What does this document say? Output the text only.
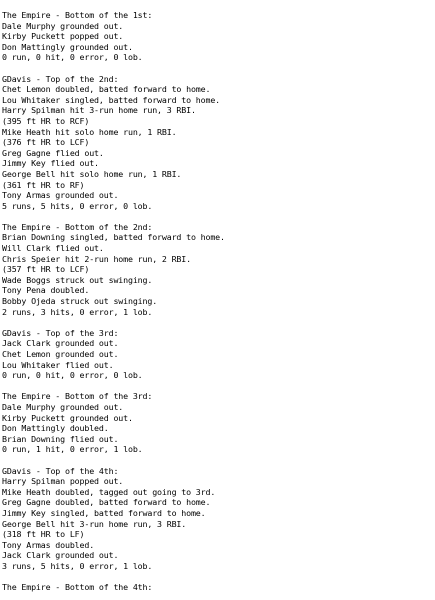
The Empire - Bottom of the 1st:
Dale Murphy grounded out.
Kirby Puckett popped out.
Don Mattingly grounded out.
0 run, 0 hit, 0 error, 0 lob.
GDavis - Top of the 2nd:
Chet Lemon doubled, batted forward to home.
Lou Whitaker singled, batted forward to home.
Harry Spilman hit 3-run home run, 3 RBI.
(395 ft HR to RCF)
Mike Heath hit solo home run, 1 RBI.
(376 ft HR to LCF)
Greg Gagne flied out.
Jimmy Key flied out.
George Bell hit solo home run, 1 RBI.
(361 ft HR to RF)
Tony Armas grounded out.
5 runs, 5 hits, 0 error, 0 lob.
The Empire - Bottom of the 2nd:
Brian Downing singled, batted forward to home.
Will Clark flied out.
Chris Speier hit 2-run home run, 2 RBI.
(357 ft HR to LCF)
Wade Boggs struck out swinging.
Tony Pena doubled.
Bobby Ojeda struck out swinging.
2 runs, 3 hits, 0 error, 1 lob.
GDavis - Top of the 3rd:
Jack Clark grounded out.
Chet Lemon grounded out.
Lou Whitaker flied out.
0 run, 0 hit, 0 error, 0 lob.
The Empire - Bottom of the 3rd:
Dale Murphy grounded out.
Kirby Puckett grounded out.
Don Mattingly doubled.
Brian Downing flied out.
0 run, 1 hit, 0 error, 1 lob.
GDavis - Top of the 4th:
Harry Spilman popped out.
Mike Heath doubled, tagged out going to 3rd.
Greg Gagne doubled, batted forward to home.
Jimmy Key singled, batted forward to home.
George Bell hit 3-run home run, 3 RBI.
(318 ft HR to LF)
Tony Armas doubled.
Jack Clark grounded out.
3 runs, 5 hits, 0 error, 1 lob.
The Empire - Bottom of the 4th:
